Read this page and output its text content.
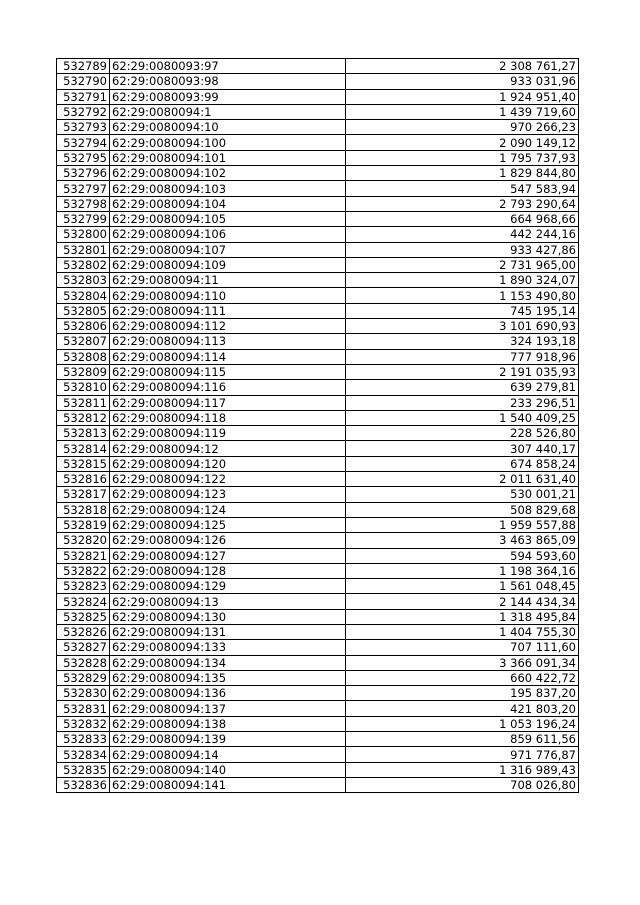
532789	62:29:0080093:97	2 308 761,27
532790	62:29:0080093:98	933 031,96
532791	62:29:0080093:99	1 924 951,40
532792	62:29:0080094:1	1 439 719,60
532793	62:29:0080094:10	970 266,23
532794	62:29:0080094:100	2 090 149,12
532795	62:29:0080094:101	1 795 737,93
532796	62:29:0080094:102	1 829 844,80
532797	62:29:0080094:103	547 583,94
532798	62:29:0080094:104	2 793 290,64
532799	62:29:0080094:105	664 968,66
532800	62:29:0080094:106	442 244,16
532801	62:29:0080094:107	933 427,86
532802	62:29:0080094:109	2 731 965,00
532803	62:29:0080094:11	1 890 324,07
532804	62:29:0080094:110	1 153 490,80
532805	62:29:0080094:111	745 195,14
532806	62:29:0080094:112	3 101 690,93
532807	62:29:0080094:113	324 193,18
532808	62:29:0080094:114	777 918,96
532809	62:29:0080094:115	2 191 035,93
532810	62:29:0080094:116	639 279,81
532811	62:29:0080094:117	233 296,51
532812	62:29:0080094:118	1 540 409,25
532813	62:29:0080094:119	228 526,80
532814	62:29:0080094:12	307 440,17
532815	62:29:0080094:120	674 858,24
532816	62:29:0080094:122	2 011 631,40
532817	62:29:0080094:123	530 001,21
532818	62:29:0080094:124	508 829,68
532819	62:29:0080094:125	1 959 557,88
532820	62:29:0080094:126	3 463 865,09
532821	62:29:0080094:127	594 593,60
532822	62:29:0080094:128	1 198 364,16
532823	62:29:0080094:129	1 561 048,45
532824	62:29:0080094:13	2 144 434,34
532825	62:29:0080094:130	1 318 495,84
532826	62:29:0080094:131	1 404 755,30
532827	62:29:0080094:133	707 111,60
532828	62:29:0080094:134	3 366 091,34
532829	62:29:0080094:135	660 422,72
532830	62:29:0080094:136	195 837,20
532831	62:29:0080094:137	421 803,20
532832	62:29:0080094:138	1 053 196,24
532833	62:29:0080094:139	859 611,56
532834	62:29:0080094:14	971 776,87
532835	62:29:0080094:140	1 316 989,43
532836	62:29:0080094:141	708 026,80
